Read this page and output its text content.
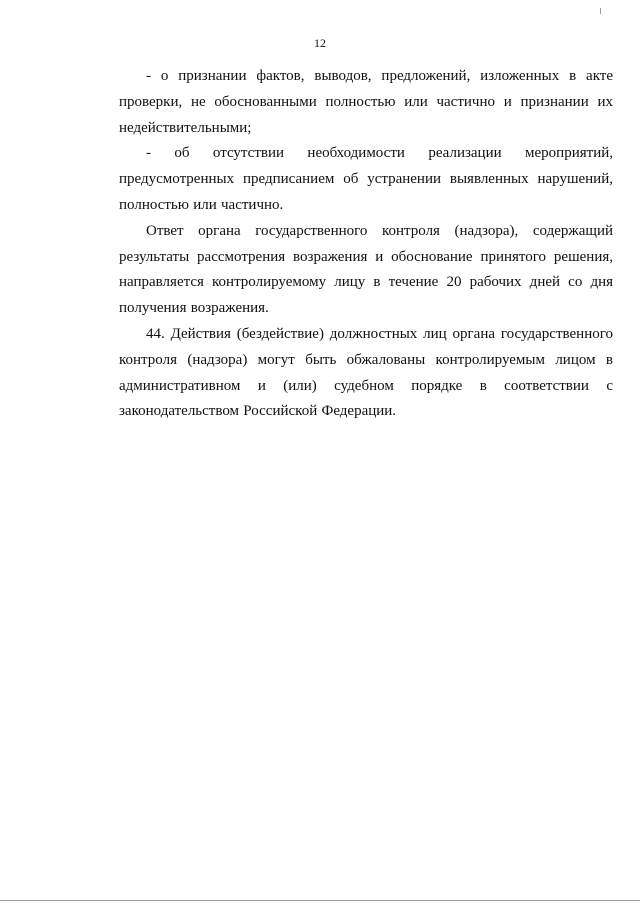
12

- о признании фактов, выводов, предложений, изложенных в акте проверки, не обоснованными полностью или частично и признании их недействительными;

- об отсутствии необходимости реализации мероприятий, предусмотренных предписанием об устранении выявленных нарушений, полностью или частично.

Ответ органа государственного контроля (надзора), содержащий результаты рассмотрения возражения и обоснование принятого решения, направляется контролируемому лицу в течение 20 рабочих дней со дня получения возражения.

44. Действия (бездействие) должностных лиц органа государственного контроля (надзора) могут быть обжалованы контролируемым лицом в административном и (или) судебном порядке в соответствии с законодательством Российской Федерации.
